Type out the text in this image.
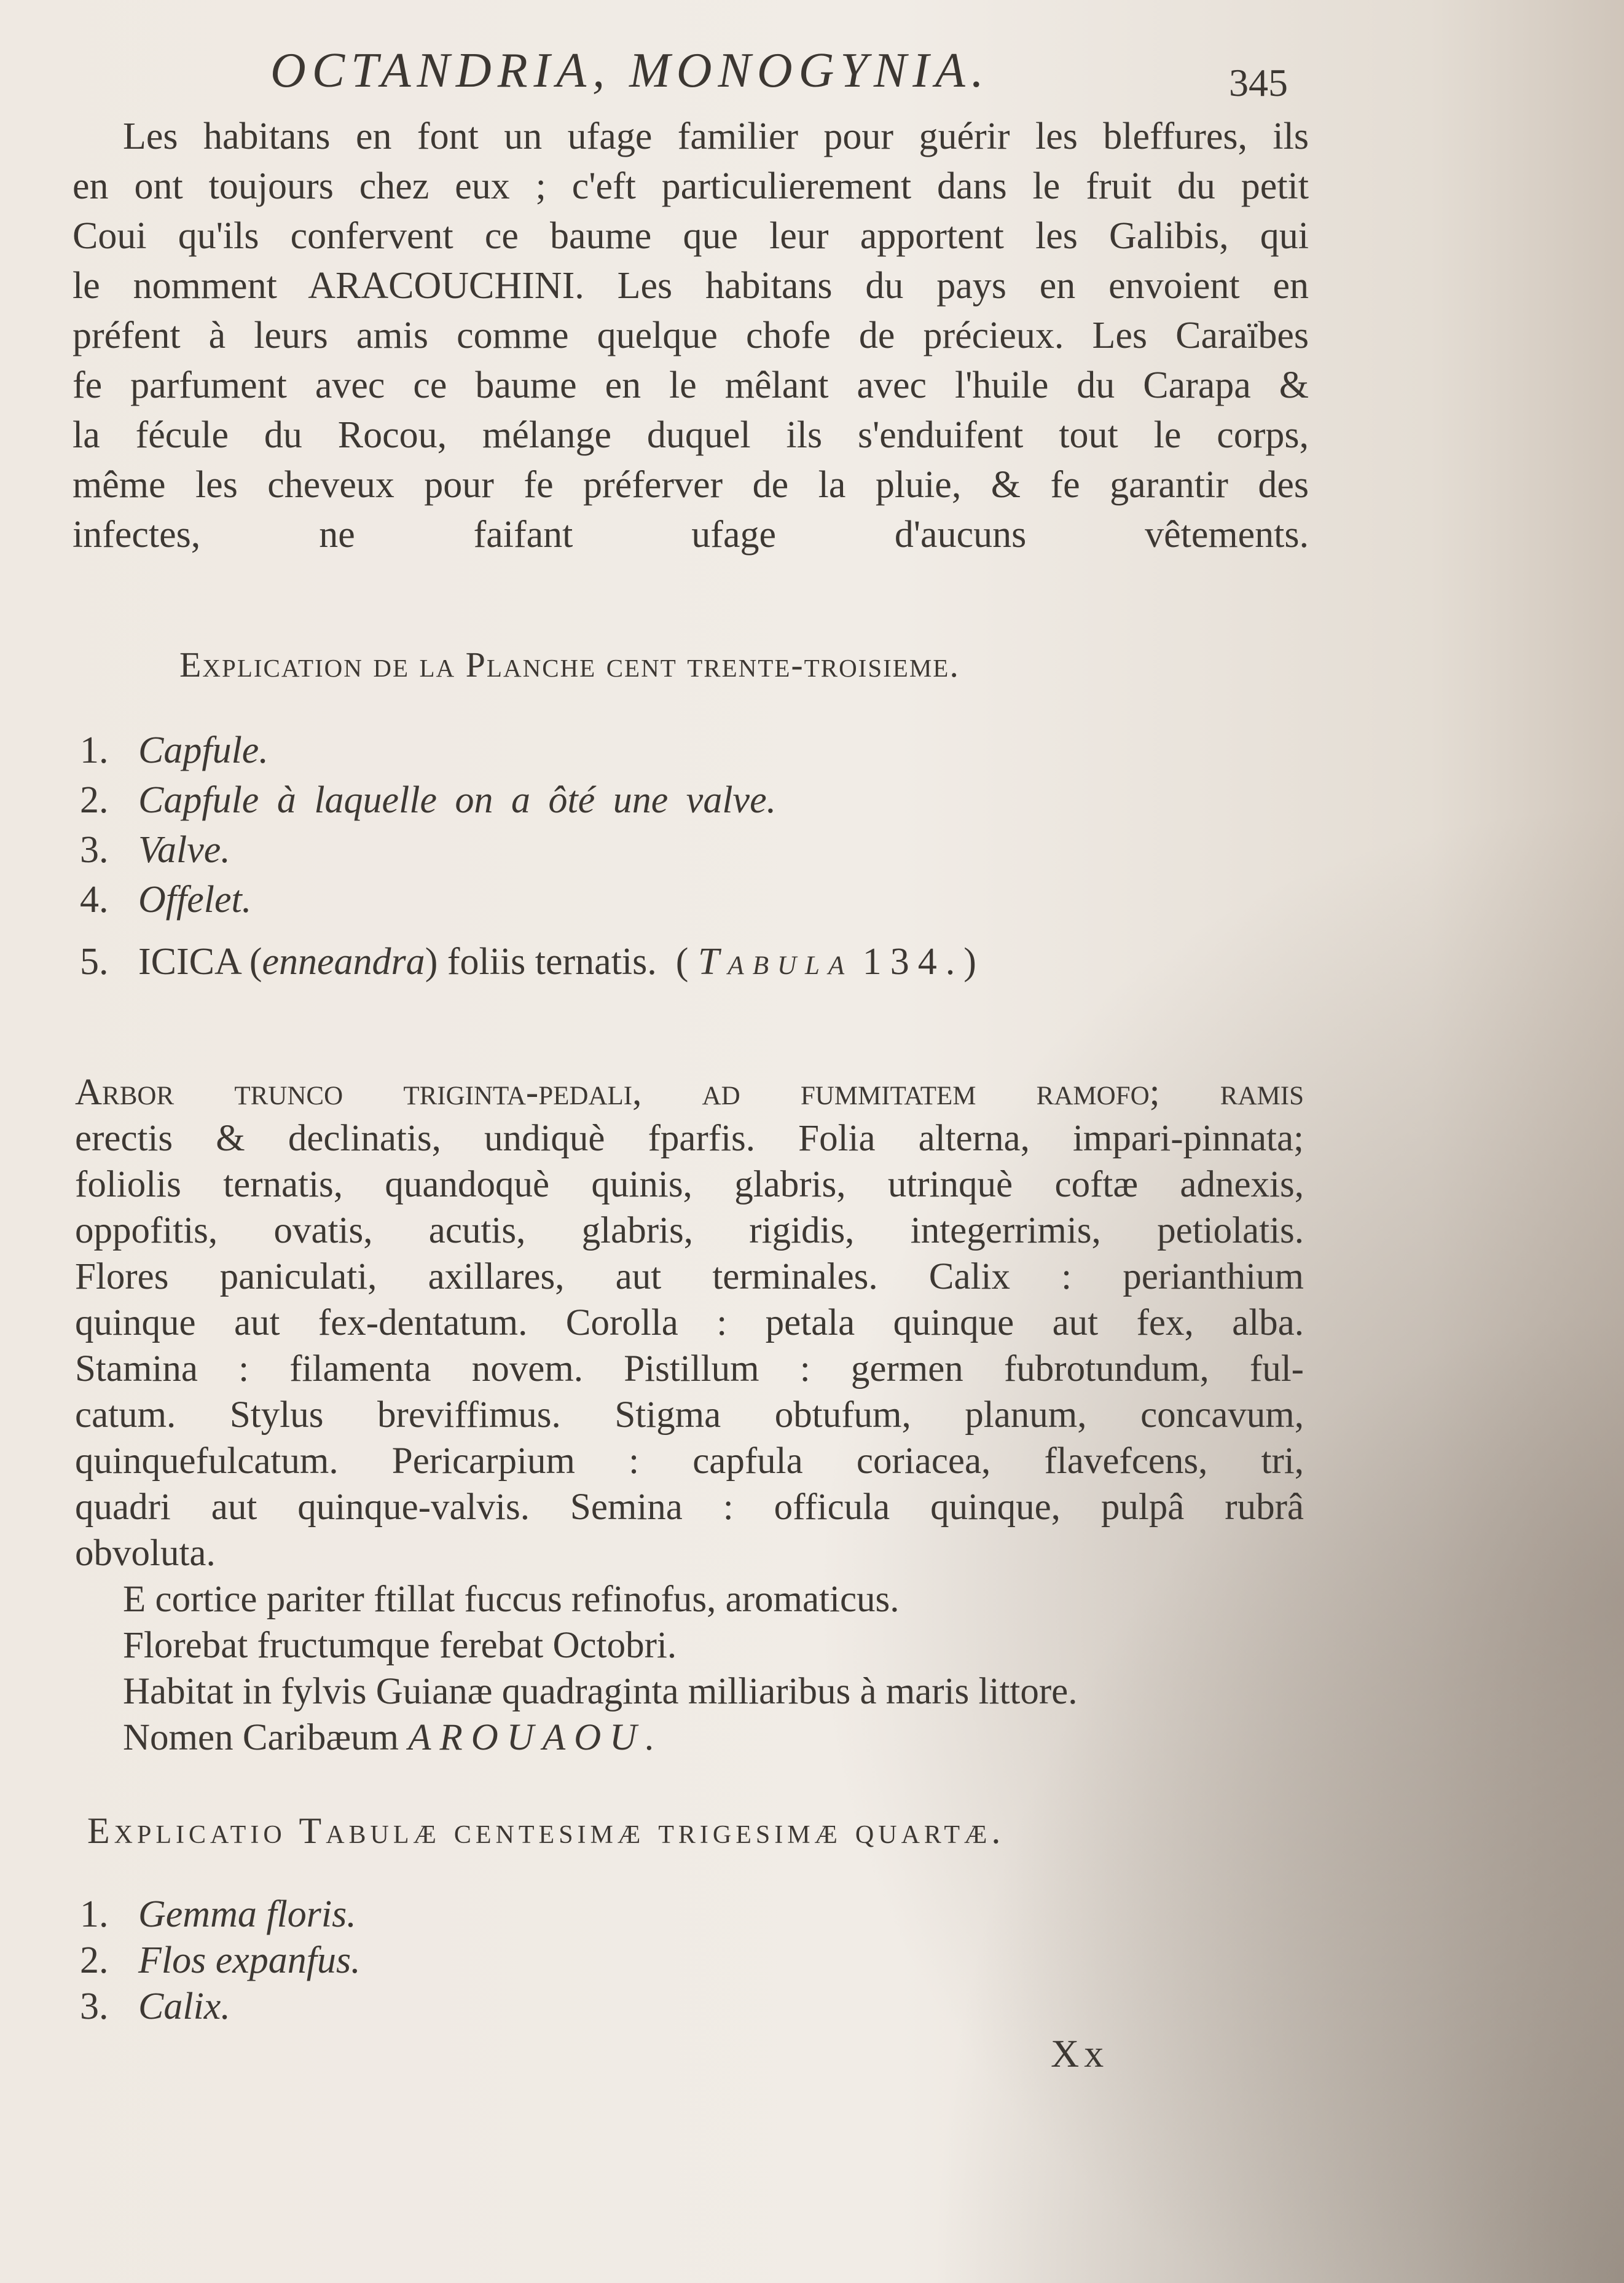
OCTANDRIA, MONOGYNIA.	345
Les habitans en font un ufage familier pour guérir les bleffures, ils
en ont toujours chez eux ; c'eft particulierement dans le fruit du petit
Coui qu'ils confervent ce baume que leur apportent les Galibis, qui
le nomment ARACOUCHINI. Les habitans du pays en envoient en
préfent à leurs amis comme quelque chofe de précieux. Les Caraïbes
fe parfument avec ce baume en le mêlant avec l'huile du Carapa &
la fécule du Rocou, mélange duquel ils s'enduifent tout le corps,
même les cheveux pour fe préferver de la pluie, & fe garantir des
infectes, ne faifant ufage d'aucuns vêtements.
Explication de la Planche cent trente-troisieme.
1. Capfule.
2. Capfule à laquelle on a ôté une valve.
3. Valve.
4. Offelet.
5. ICICA (enneandra) foliis ternatis.  ( Tabula 134.)
Arbor trunco triginta-pedali, ad fummitatem ramofo; ramis
erectis & declinatis, undiquè fparfis. Folia alterna, impari-pinnata;
foliolis ternatis, quandoquè quinis, glabris, utrinquè coftæ adnexis,
oppofitis, ovatis, acutis, glabris, rigidis, integerrimis, petiolatis.
Flores paniculati, axillares, aut terminales. Calix : perianthium
quinque aut fex-dentatum. Corolla : petala quinque aut fex, alba.
Stamina : filamenta novem. Pistillum : germen fubrotundum, ful-
catum. Stylus breviffimus. Stigma obtufum, planum, concavum,
quinquefulcatum. Pericarpium : capfula coriacea, flavefcens, tri,
quadri aut quinque-valvis. Semina : officula quinque, pulpâ rubrâ
obvoluta.
E cortice pariter ftillat fuccus refinofus, aromaticus.
Florebat fructumque ferebat Octobri.
Habitat in fylvis Guianæ quadraginta milliaribus à maris littore.
Nomen Caribæum AROUAOU.
Explicatio Tabulæ centesimæ trigesimæ quartæ.
1. Gemma floris.
2. Flos expanfus.
3. Calix.
Xx
